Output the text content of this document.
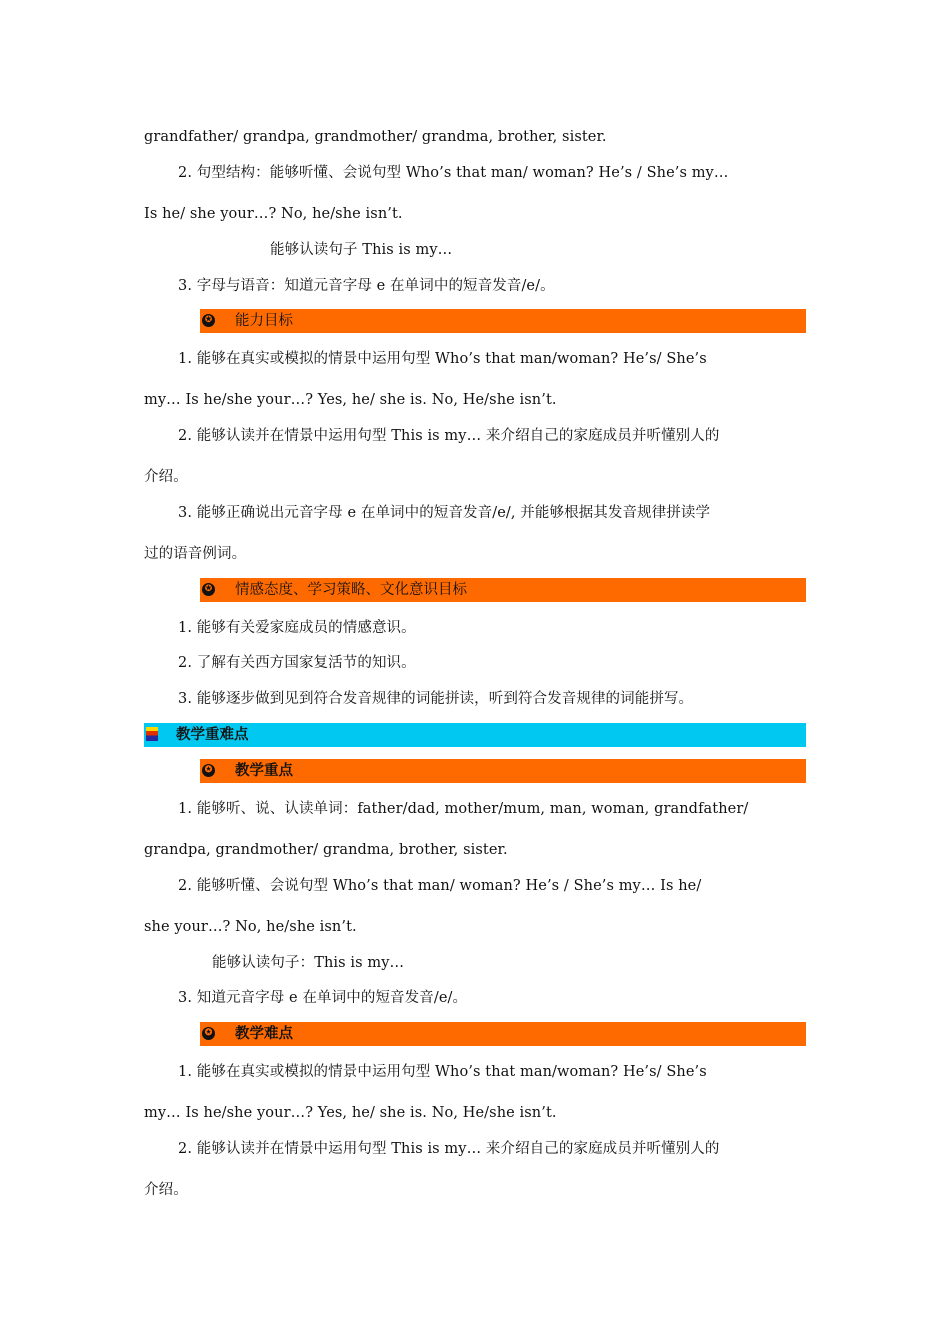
grandfather/ grandpa, grandmother/ grandma, brother, sister.
2. 句型结构：能够听懂、会说句型 Who’s that man/ woman? He’s / She’s my…
Is he/ she your…? No, he/she isn’t.
能够认读句子 This is my…
3. 字母与语音：知道元音字母 e 在单词中的短音发音/e/。
✪ 能力目标
1. 能够在真实或模拟的情景中运用句型 Who’s that man/woman? He’s/ She’s
my… Is he/she your…? Yes, he/ she is. No, He/she isn’t.
2. 能够认读并在情景中运用句型 This is my… 来介绍自己的家庭成员并听懂别人的
介绍。
3. 能够正确说出元音字母 e 在单词中的短音发音/e/, 并能够根据其发音规律拼读学
过的语音例词。
✪ 情感态度、学习策略、文化意识目标
1. 能够有关爱家庭成员的情感意识。
2. 了解有关西方国家复活节的知识。
3. 能够逐步做到见到符合发音规律的词能拼读，听到符合发音规律的词能拼写。
教学重难点
✪ 教学重点
1. 能够听、说、认读单词：father/dad, mother/mum, man, woman, grandfather/
grandpa, grandmother/ grandma, brother, sister.
2. 能够听懂、会说句型 Who’s that man/ woman? He’s / She’s my… Is he/
she your…? No, he/she isn’t.
能够认读句子：This is my…
3. 知道元音字母 e 在单词中的短音发音/e/。
✪ 教学难点
1. 能够在真实或模拟的情景中运用句型 Who’s that man/woman? He’s/ She’s
my… Is he/she your…? Yes, he/ she is. No, He/she isn’t.
2. 能够认读并在情景中运用句型 This is my… 来介绍自己的家庭成员并听懂别人的
介绍。
